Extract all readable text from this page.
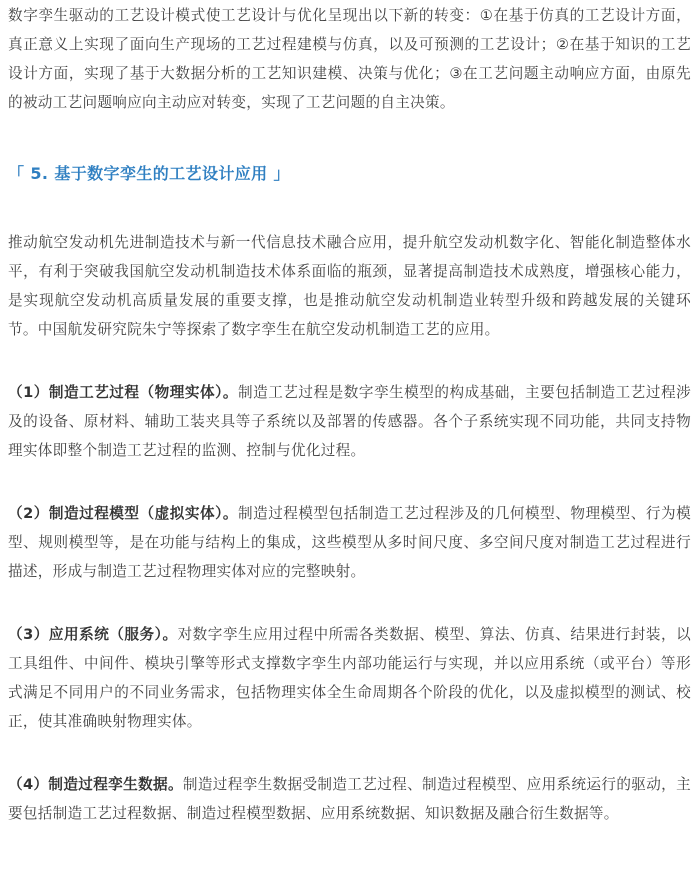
数字孪生驱动的工艺设计模式使工艺设计与优化呈现出以下新的转变：①在基于仿真的工艺设计方面，真正意义上实现了面向生产现场的工艺过程建模与仿真，以及可预测的工艺设计；②在基于知识的工艺设计方面，实现了基于大数据分析的工艺知识建模、决策与优化；③在工艺问题主动响应方面，由原先的被动工艺问题响应向主动应对转变，实现了工艺问题的自主决策。

「 5. 基于数字孪生的工艺设计应用 」

推动航空发动机先进制造技术与新一代信息技术融合应用，提升航空发动机数字化、智能化制造整体水平，有利于突破我国航空发动机制造技术体系面临的瓶颈，显著提高制造技术成熟度，增强核心能力，是实现航空发动机高质量发展的重要支撑，也是推动航空发动机制造业转型升级和跨越发展的关键环节。中国航发研究院朱宁等探索了数字孪生在航空发动机制造工艺的应用。

（1）制造工艺过程（物理实体）。制造工艺过程是数字孪生模型的构成基础，主要包括制造工艺过程涉及的设备、原材料、辅助工装夹具等子系统以及部署的传感器。各个子系统实现不同功能，共同支持物理实体即整个制造工艺过程的监测、控制与优化过程。

（2）制造过程模型（虚拟实体）。制造过程模型包括制造工艺过程涉及的几何模型、物理模型、行为模型、规则模型等，是在功能与结构上的集成，这些模型从多时间尺度、多空间尺度对制造工艺过程进行描述，形成与制造工艺过程物理实体对应的完整映射。

（3）应用系统（服务）。对数字孪生应用过程中所需各类数据、模型、算法、仿真、结果进行封装，以工具组件、中间件、模块引擎等形式支撑数字孪生内部功能运行与实现，并以应用系统（或平台）等形式满足不同用户的不同业务需求，包括物理实体全生命周期各个阶段的优化，以及虚拟模型的测试、校正，使其准确映射物理实体。

（4）制造过程孪生数据。制造过程孪生数据受制造工艺过程、制造过程模型、应用系统运行的驱动，主要包括制造工艺过程数据、制造过程模型数据、应用系统数据、知识数据及融合衍生数据等。
